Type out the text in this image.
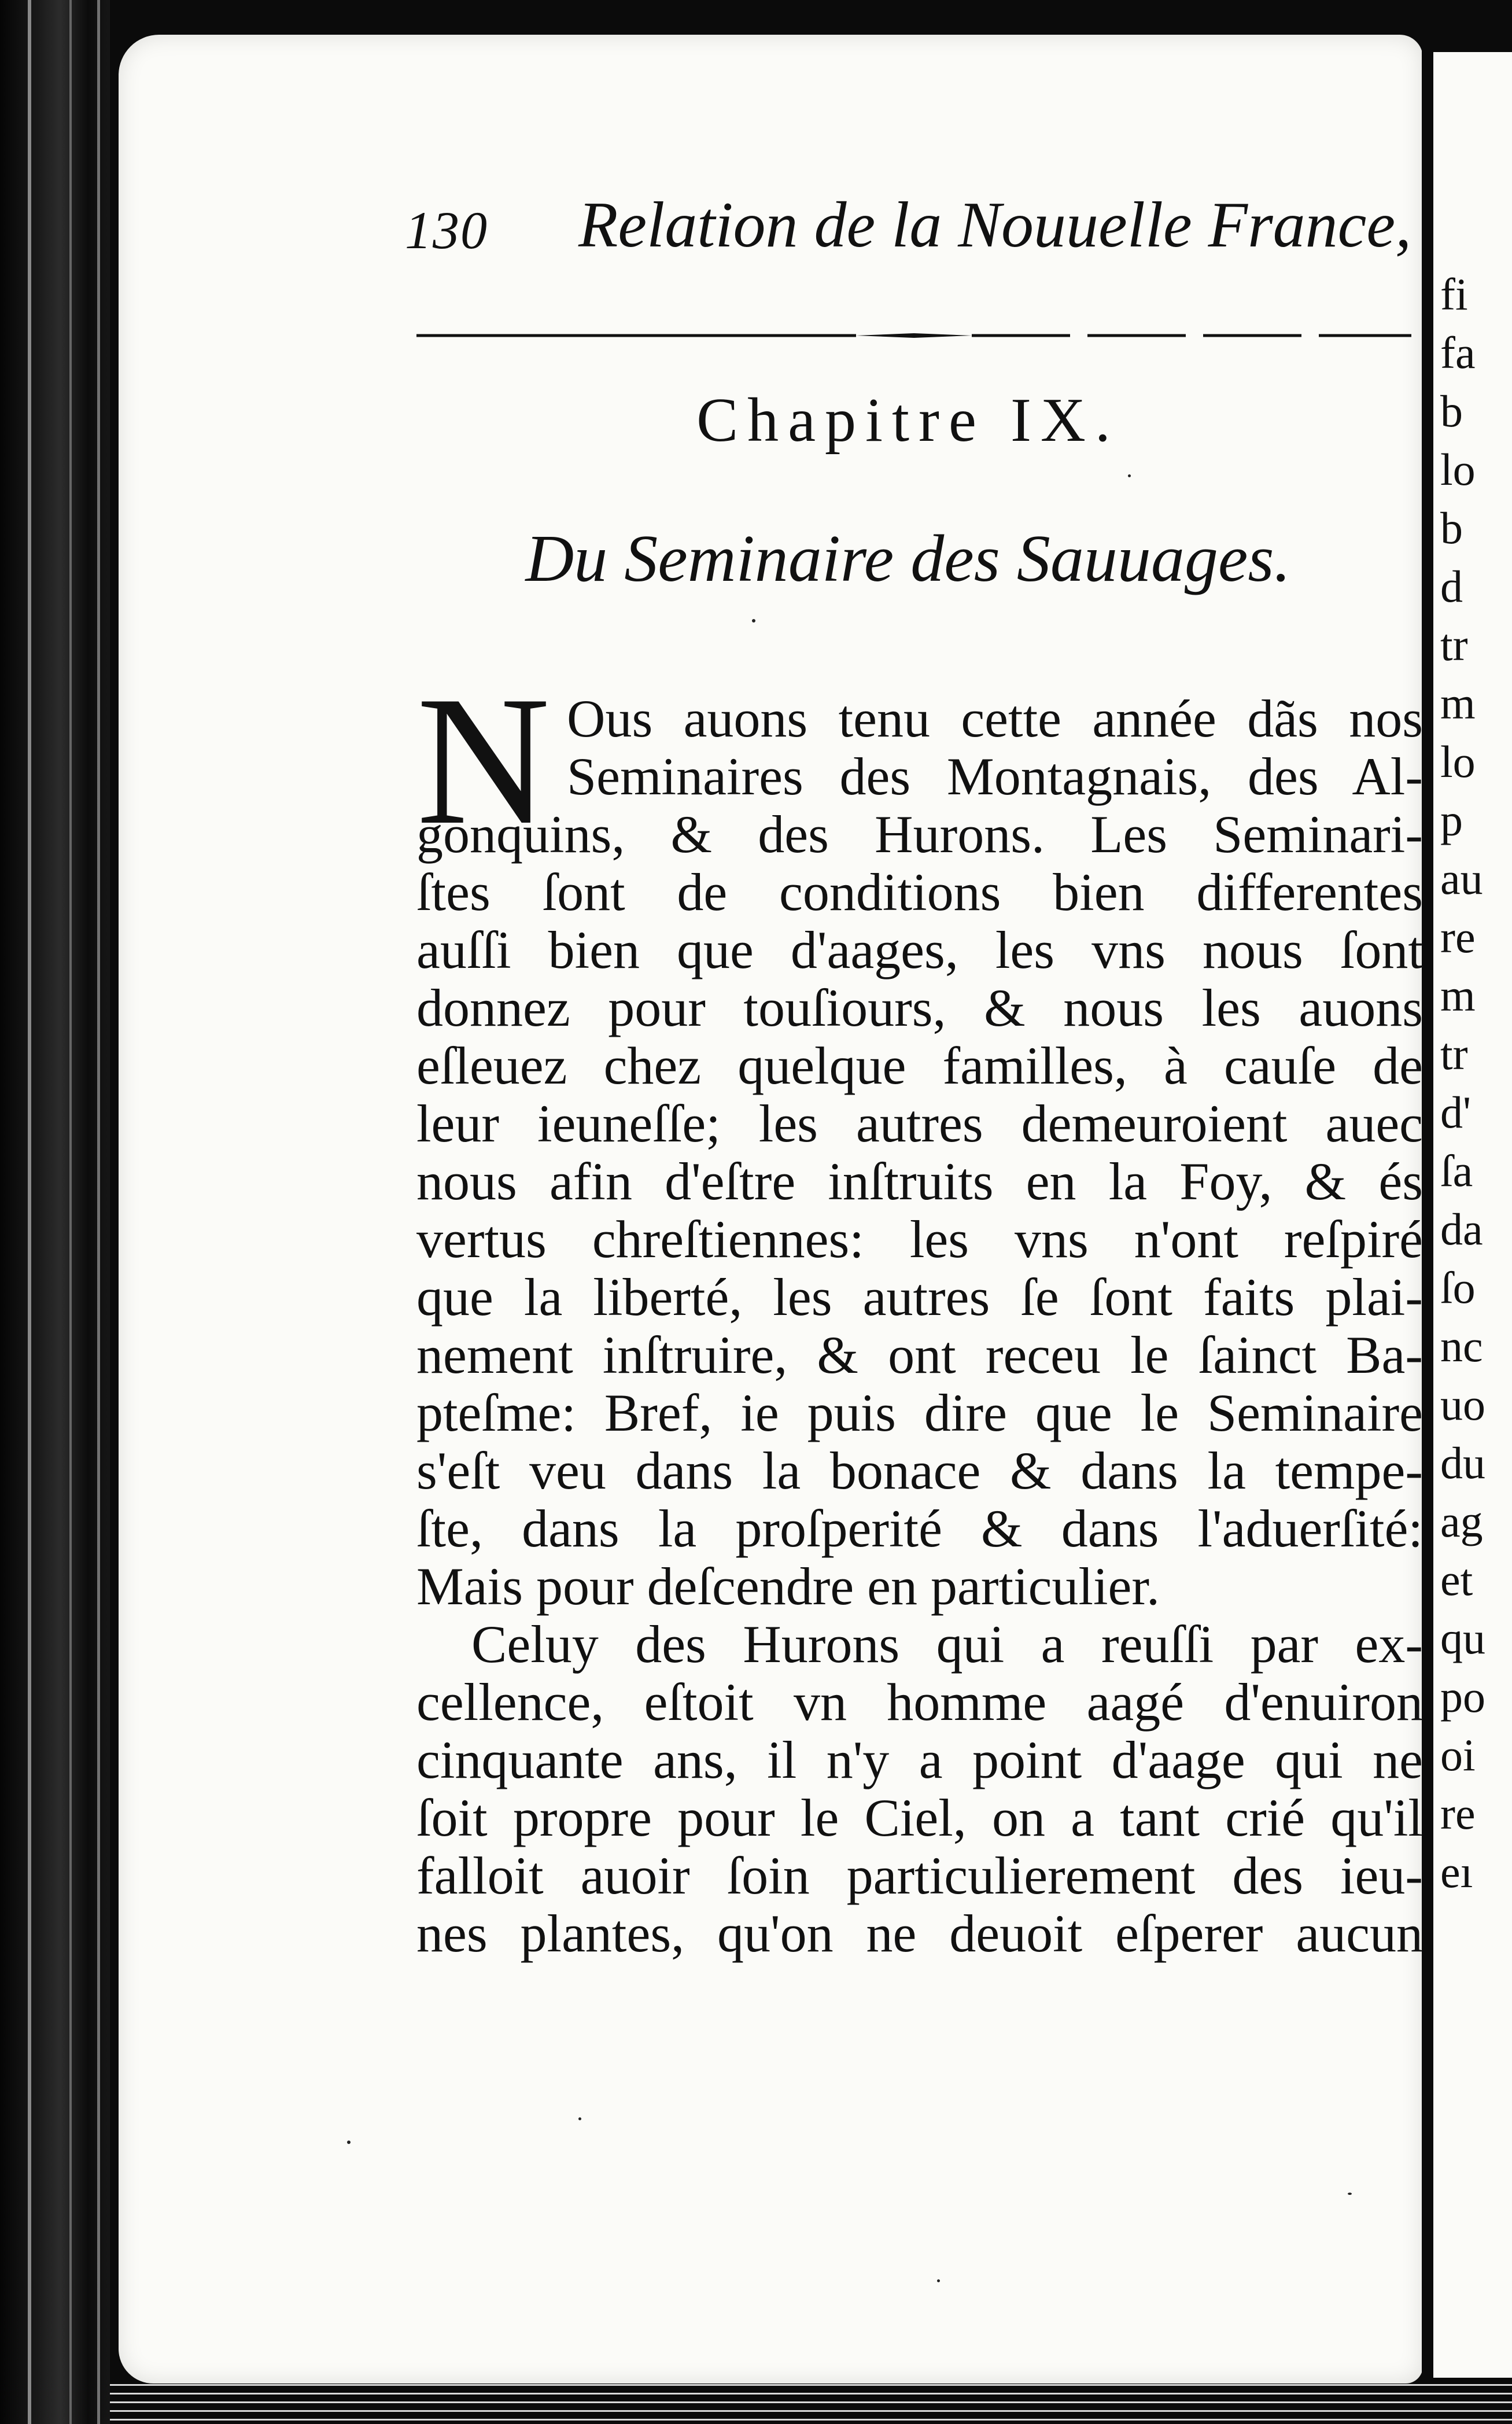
fi
fa
b
lo
b
d
tr
m
lo
p
au
re
m
tr
d'
ſa
da
ſo
nc
uo
du
ag
et
qu
po
oi
re
eı
130 Relation de la Nouuelle France,
Chapitre IX.
Du Seminaire des Sauuages.
N Ous auons tenu cette année dãs nos
Seminaires des Montagnais, des Al-
gonquins, & des Hurons. Les Seminari-
ſtes ſont de conditions bien differentes
auſſi bien que d'aages, les vns nous ſont
donnez pour touſiours, & nous les auons
eſleuez chez quelque familles, à cauſe de
leur ieuneſſe; les autres demeuroient auec
nous afin d'eſtre inſtruits en la Foy, & és
vertus chreſtiennes: les vns n'ont reſpiré
que la liberté, les autres ſe ſont faits plai-
nement inſtruire, & ont receu le ſainct Ba-
pteſme: Bref, ie puis dire que le Seminaire
s'eſt veu dans la bonace & dans la tempe-
ſte, dans la proſperité & dans l'aduerſité:
Mais pour deſcendre en particulier.
Celuy des Hurons qui a reuſſi par ex-
cellence, eſtoit vn homme aagé d'enuiron
cinquante ans, il n'y a point d'aage qui ne
ſoit propre pour le Ciel, on a tant crié qu'il
falloit auoir ſoin particulierement des ieu-
nes plantes, qu'on ne deuoit eſperer aucun
